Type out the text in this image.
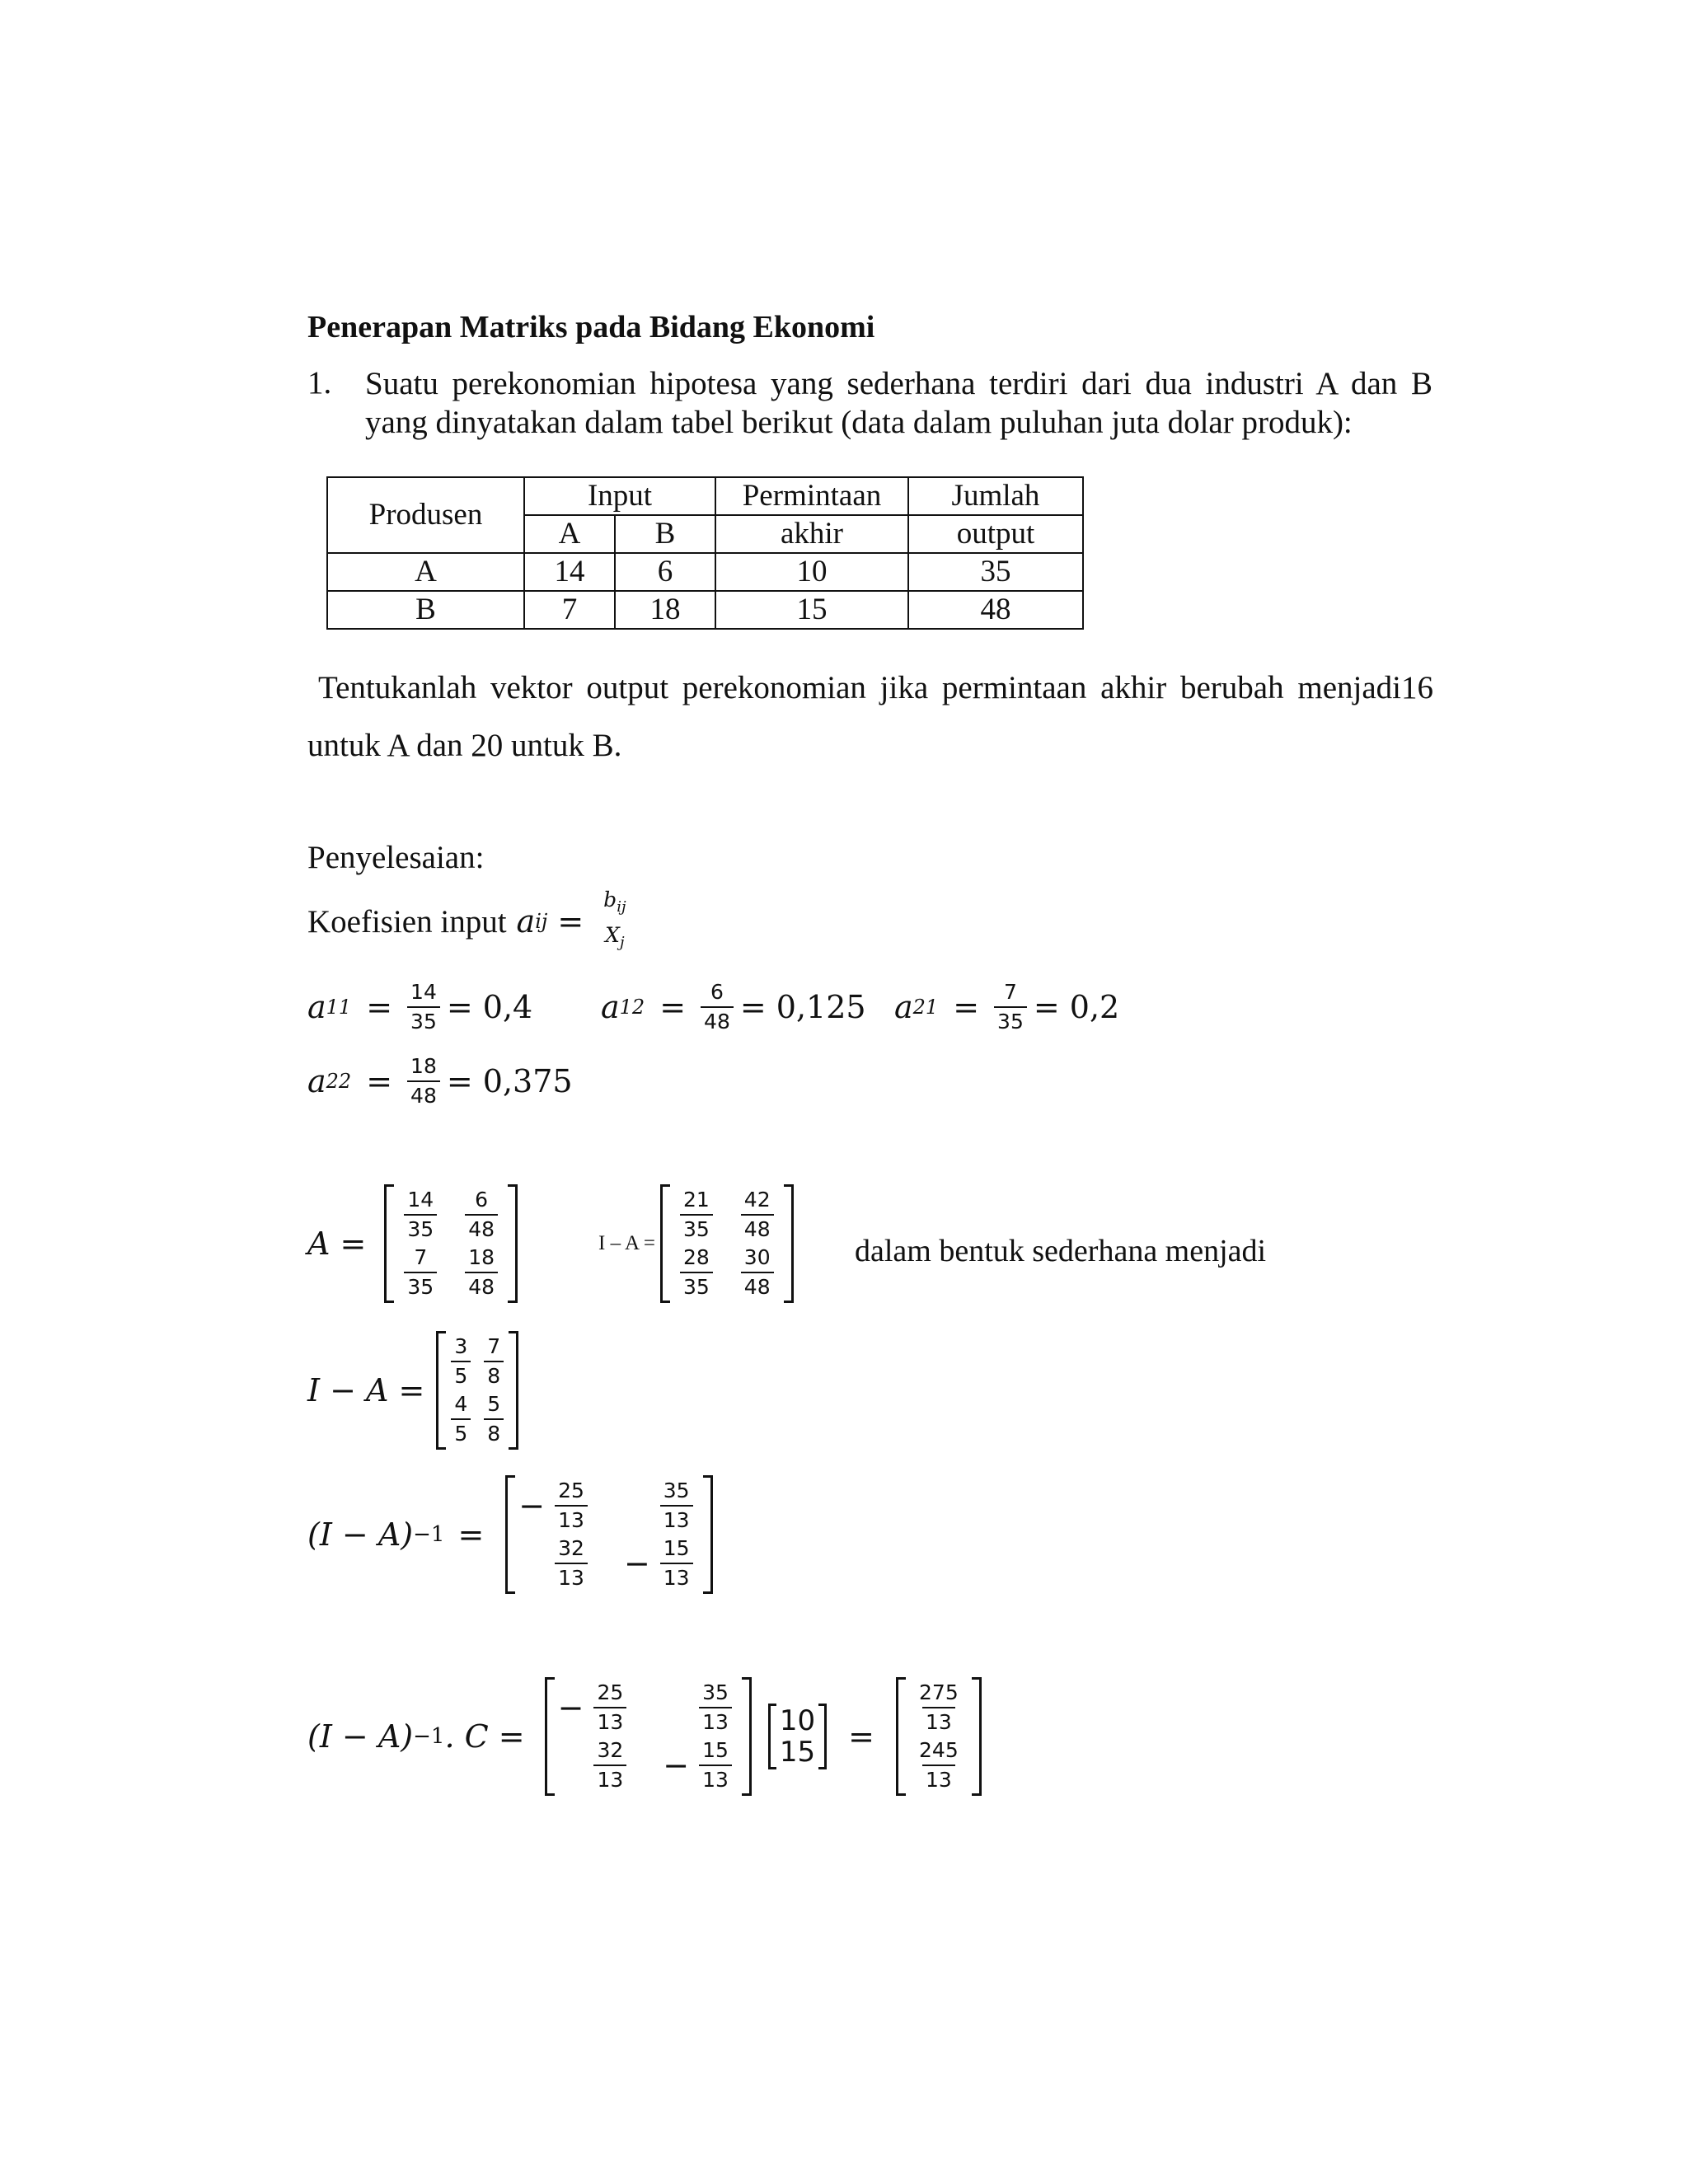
Penerapan Matriks pada Bidang Ekonomi
1. Suatu perekonomian hipotesa yang sederhana terdiri dari dua industri A dan B
yang dinyatakan dalam tabel berikut (data dalam puluhan juta dolar produk):
Produsen	Input		Permintaan	Jumlah
	A	B	akhir	output
A	14	6	10	35
B	7	18	15	48
Tentukanlah vektor output perekonomian jika permintaan akhir berubah menjadi16
untuk A dan 20 untuk B.
Penyelesaian:
Koefisien input a ij =
$b_{ij}$
$X_j$
a $11 = \frac{14}{35} = 0,4$ a $12 = \frac{6}{48} = 0,125$ a $21 = \frac{7}{35} = 0,2$
a $22 = \frac{18}{48} = 0,375$
$A = \frac{14}{35} \frac{6}{48}$
$\frac{7}{35} \frac{18}{48}$
$I - A = \frac{21}{35} \frac{42}{48}$
$\frac{28}{35} \frac{30}{48}$	dalam bentuk sederhana menjadi
$I - A = \frac{3}{5} \frac{7}{8}$
$\frac{4}{5} \frac{5}{8}$
(I − A) −1 =
− $\frac{25}{13}$	$\frac{35}{13}$
$\frac{32}{13} - \frac{15}{13}$
(I − A) −1 . C =
− $\frac{25}{13}$	$\frac{35}{13}$
$\frac{32}{13} - \frac{15}{13}$
10
$15 = \frac{275}{13}$
$\frac{245}{13}$
